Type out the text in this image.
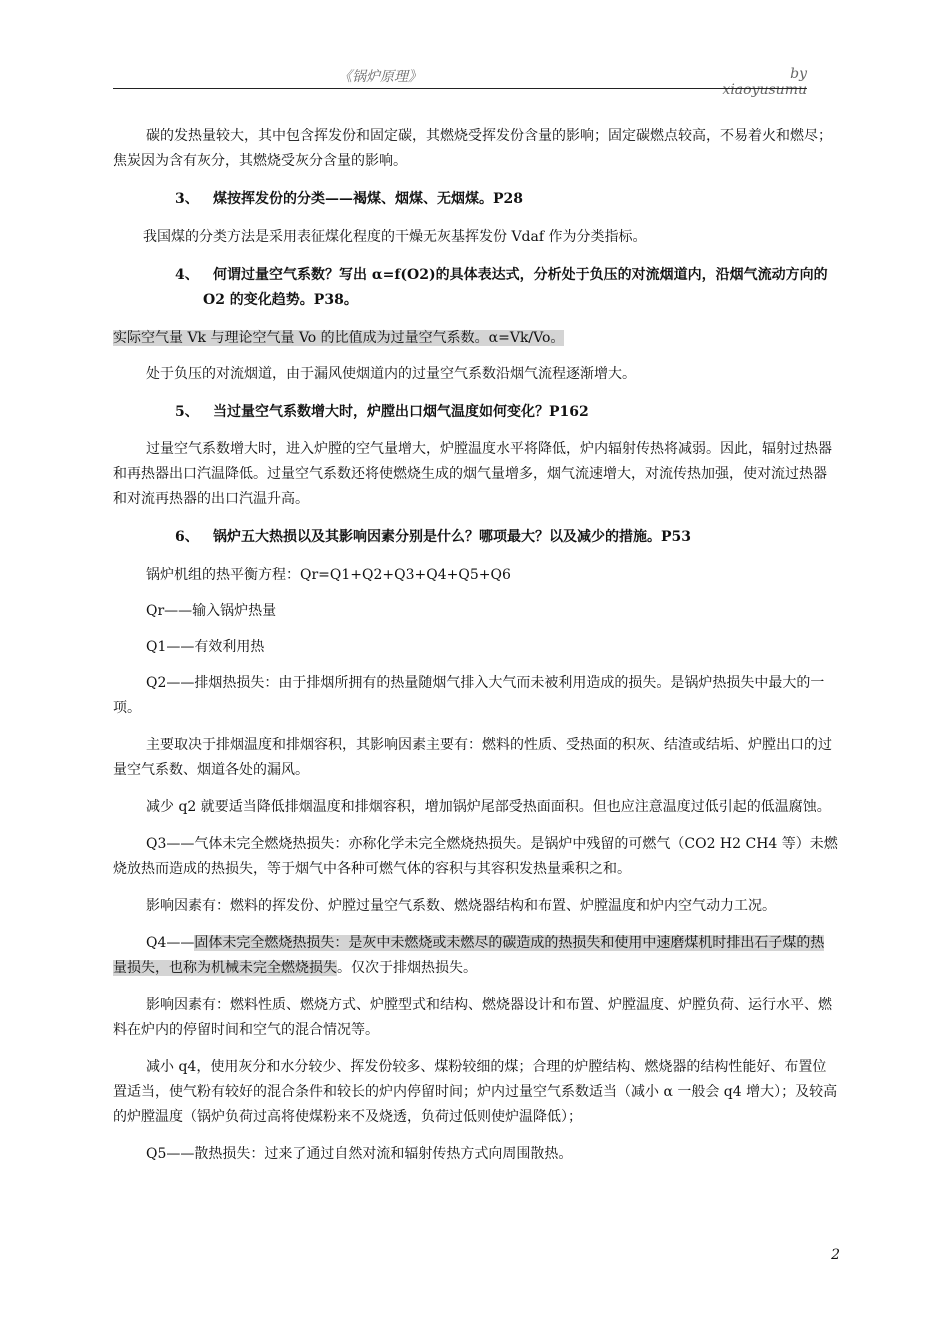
《锅炉原理》	by xiaoyusumu

碳的发热量较大，其中包含挥发份和固定碳，其燃烧受挥发份含量的影响；固定碳燃点较高，不易着火和燃尽；焦炭因为含有灰分，其燃烧受灰分含量的影响。

3、 煤按挥发份的分类——褐煤、烟煤、无烟煤。P28

我国煤的分类方法是采用表征煤化程度的干燥无灰基挥发份 Vdaf 作为分类指标。

4、 何谓过量空气系数？写出 α=f(O2)的具体表达式，分析处于负压的对流烟道内，沿烟气流动方向的 O2 的变化趋势。P38。

实际空气量 Vk 与理论空气量 Vo 的比值成为过量空气系数。α=Vk/Vo。

处于负压的对流烟道，由于漏风使烟道内的过量空气系数沿烟气流程逐渐增大。

5、 当过量空气系数增大时，炉膛出口烟气温度如何变化？P162

过量空气系数增大时，进入炉膛的空气量增大，炉膛温度水平将降低，炉内辐射传热将减弱。因此，辐射过热器和再热器出口汽温降低。过量空气系数还将使燃烧生成的烟气量增多，烟气流速增大，对流传热加强，使对流过热器和对流再热器的出口汽温升高。

6、 锅炉五大热损以及其影响因素分别是什么？哪项最大？以及减少的措施。P53

锅炉机组的热平衡方程：Qr=Q1+Q2+Q3+Q4+Q5+Q6

Qr——输入锅炉热量

Q1——有效利用热

Q2——排烟热损失：由于排烟所拥有的热量随烟气排入大气而未被利用造成的损失。是锅炉热损失中最大的一项。

主要取决于排烟温度和排烟容积，其影响因素主要有：燃料的性质、受热面的积灰、结渣或结垢、炉膛出口的过量空气系数、烟道各处的漏风。

减少 q2 就要适当降低排烟温度和排烟容积，增加锅炉尾部受热面面积。但也应注意温度过低引起的低温腐蚀。

Q3——气体未完全燃烧热损失：亦称化学未完全燃烧热损失。是锅炉中残留的可燃气（CO2 H2 CH4 等）未燃烧放热而造成的热损失，等于烟气中各种可燃气体的容积与其容积发热量乘积之和。

影响因素有：燃料的挥发份、炉膛过量空气系数、燃烧器结构和布置、炉膛温度和炉内空气动力工况。

Q4——固体未完全燃烧热损失：是灰中未燃烧或未燃尽的碳造成的热损失和使用中速磨煤机时排出石子煤的热量损失，也称为机械未完全燃烧损失。仅次于排烟热损失。

影响因素有：燃料性质、燃烧方式、炉膛型式和结构、燃烧器设计和布置、炉膛温度、炉膛负荷、运行水平、燃料在炉内的停留时间和空气的混合情况等。

减小 q4，使用灰分和水分较少、挥发份较多、煤粉较细的煤；合理的炉膛结构、燃烧器的结构性能好、布置位置适当，使气粉有较好的混合条件和较长的炉内停留时间；炉内过量空气系数适当（减小 α 一般会 q4 增大）；及较高的炉膛温度（锅炉负荷过高将使煤粉来不及烧透，负荷过低则使炉温降低）；

Q5——散热损失：过来了通过自然对流和辐射传热方式向周围散热。

2
